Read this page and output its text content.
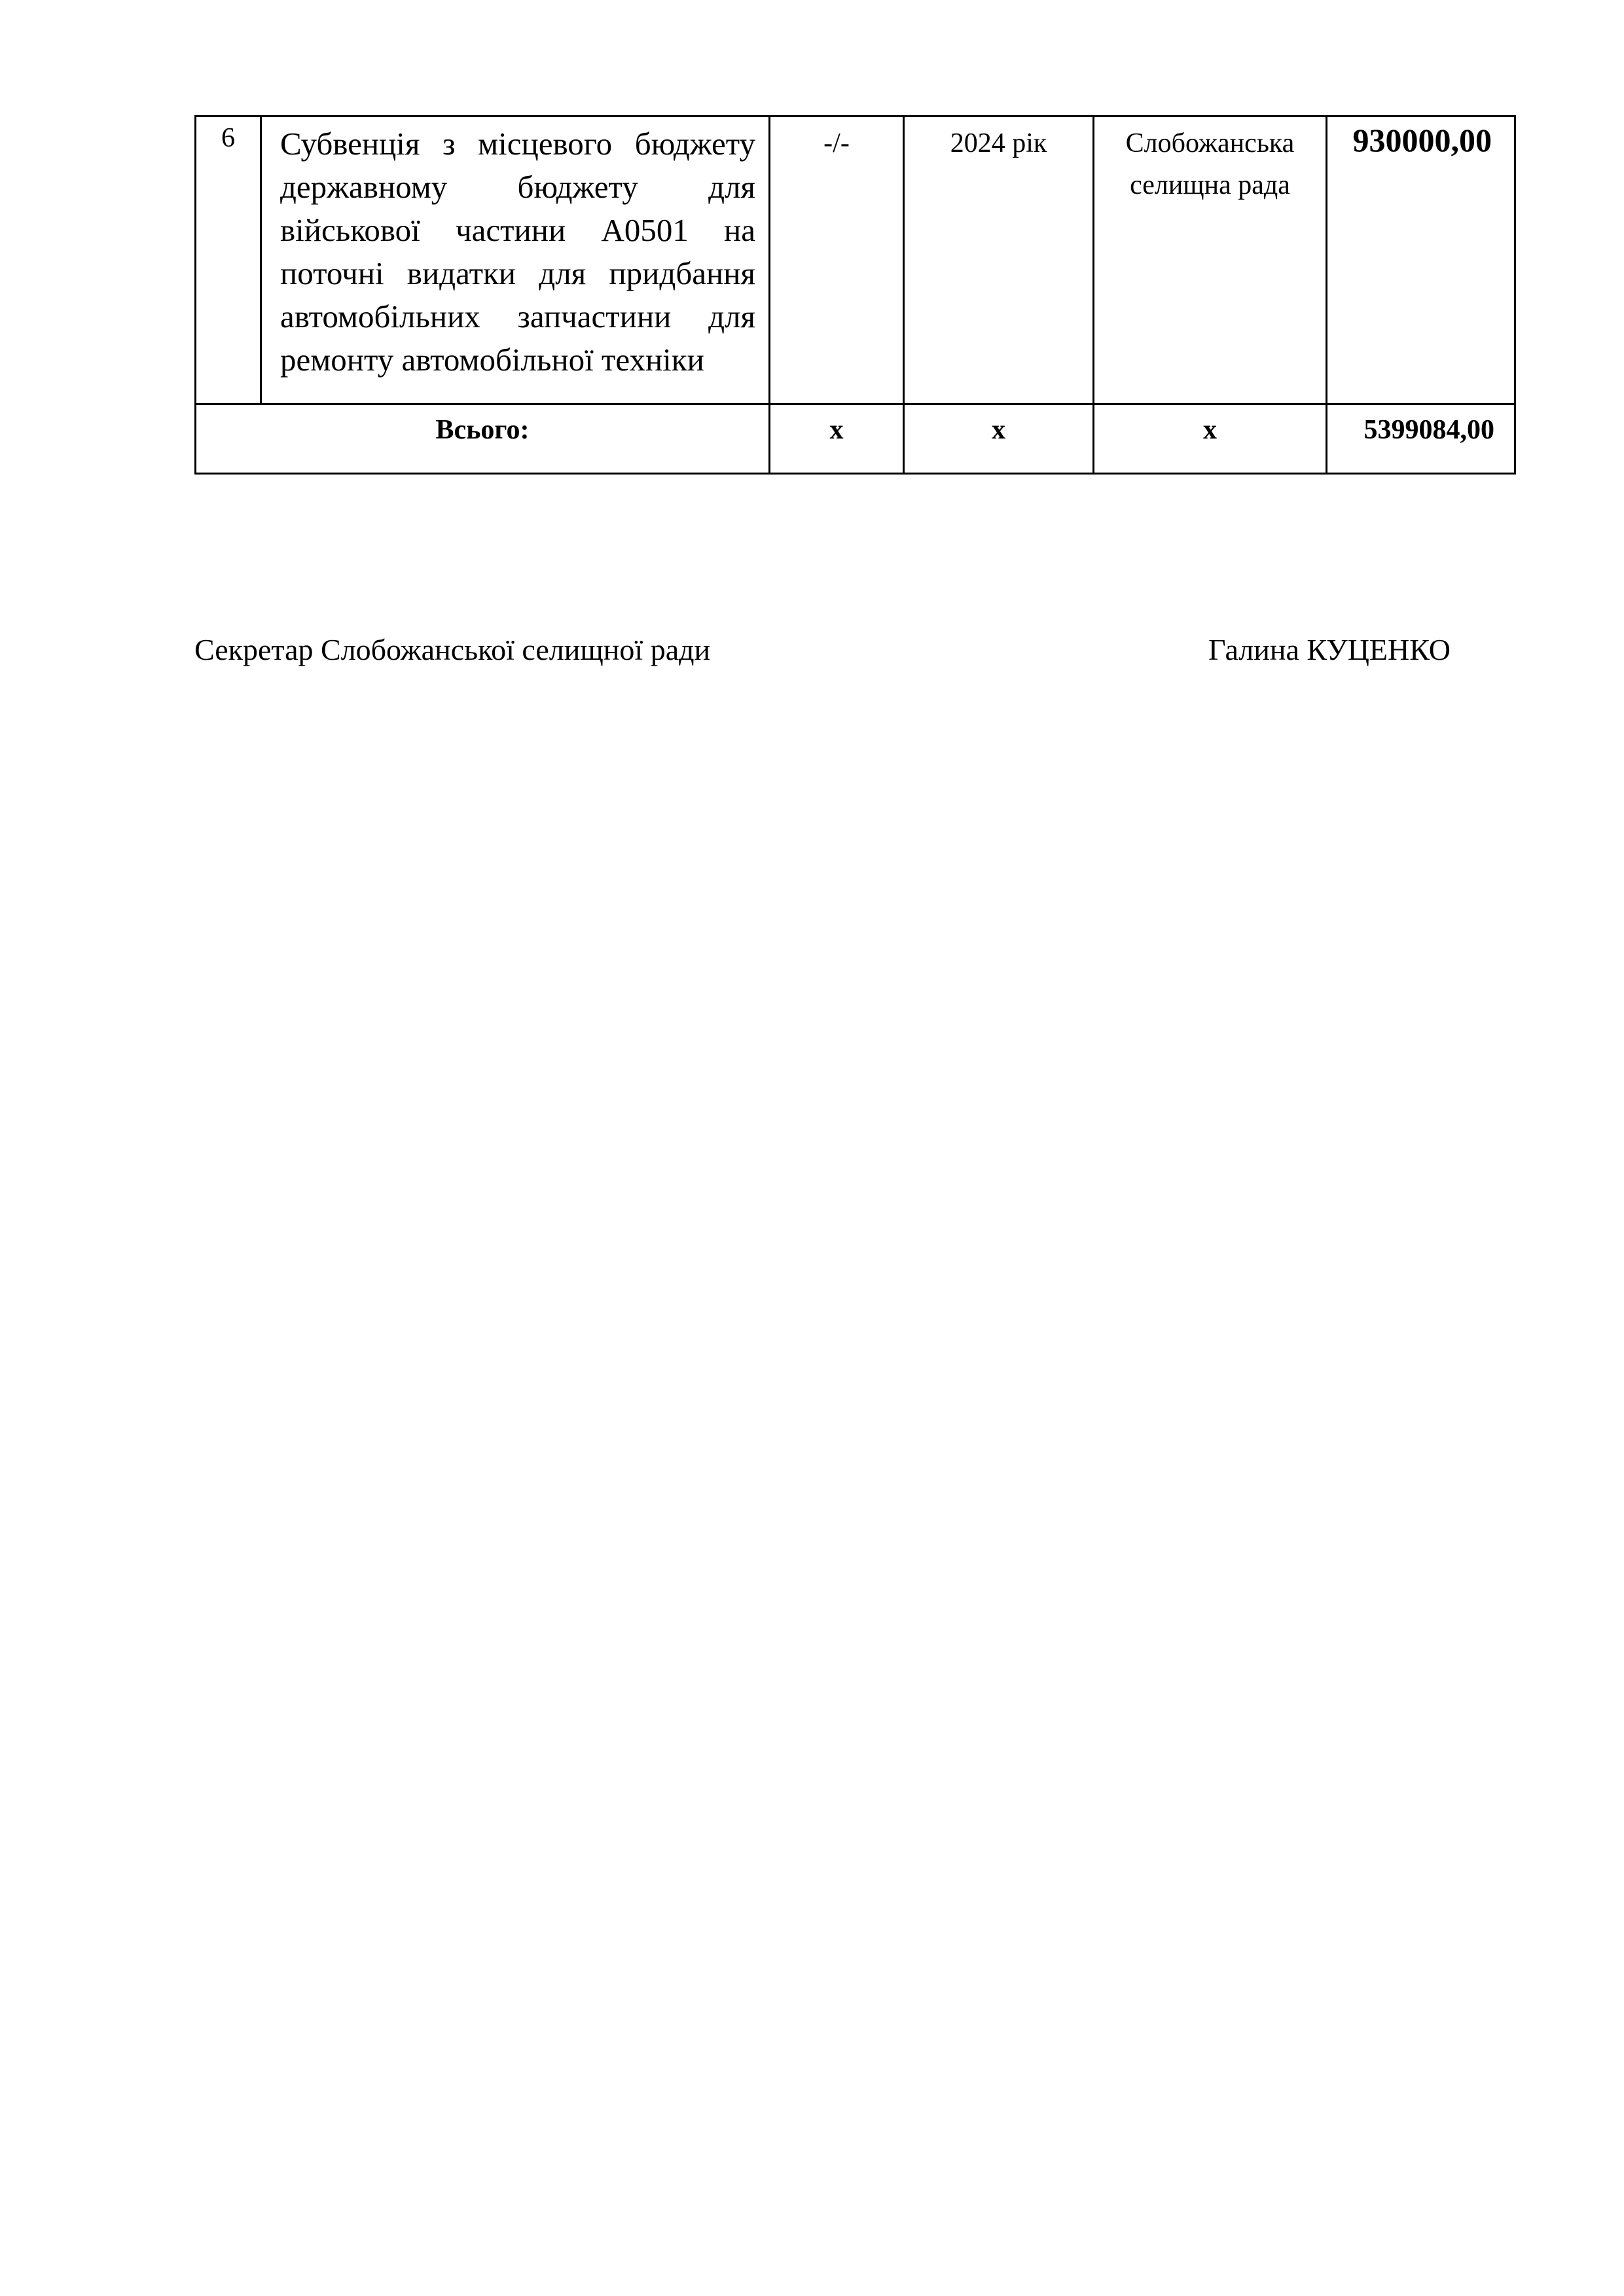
6	Субвенція з місцевого бюджету державному бюджету для військової частини А0501 на поточні видатки для придбання автомобільних запчастини для ремонту автомобільної техніки	-/-	2024 рік	Слобожанська селищна рада	930000,00
Всього:		x	x	x	5399084,00
Секретар Слобожанської селищної ради	Галина КУЦЕНКО
